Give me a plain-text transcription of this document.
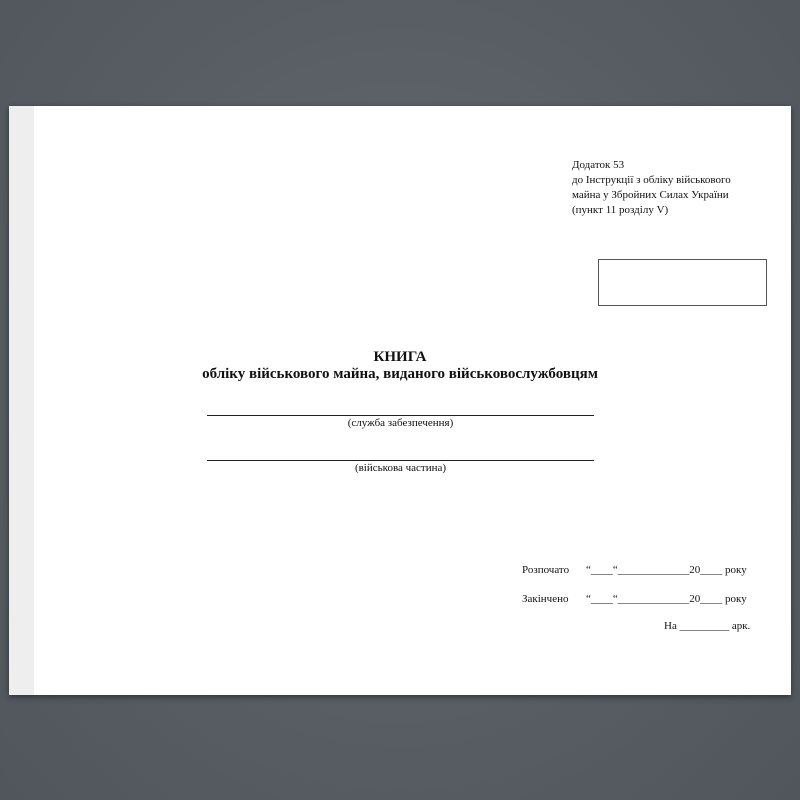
Додаток 53
до Інструкції з обліку військового
майна у Збройних Силах України
(пункт 11 розділу V)
КНИГА
обліку військового майна, виданого військовослужбовцям
(служба забезпечення)
(військова частина)
Розпочато “____“_____________20____ року
Закінчено “____“_____________20____ року
На _________ арк.
